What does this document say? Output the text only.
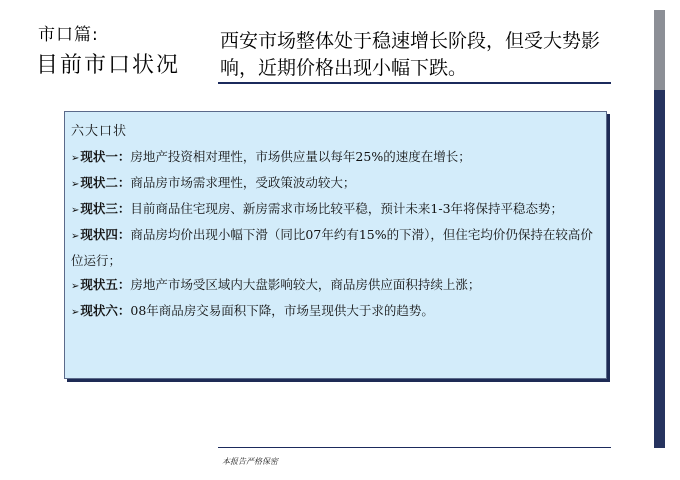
市口篇:
目前市口状况
西安市场整体处于稳速增长阶段，但受大势影响，近期价格出现小幅下跌。
六大口状
➢现状一：房地产投资相对理性，市场供应量以每年25%的速度在增长；
➢现状二：商品房市场需求理性，受政策波动较大；
➢现状三：目前商品住宅现房、新房需求市场比较平稳，预计未来1-3年将保持平稳态势；
➢现状四：商品房均价出现小幅下滑（同比07年约有15%的下滑），但住宅均价仍保持在较高价位运行；
➢现状五：房地产市场受区域内大盘影响较大，商品房供应面积持续上涨；
➢现状六：08年商品房交易面积下降，市场呈现供大于求的趋势。
本报告严格保密
